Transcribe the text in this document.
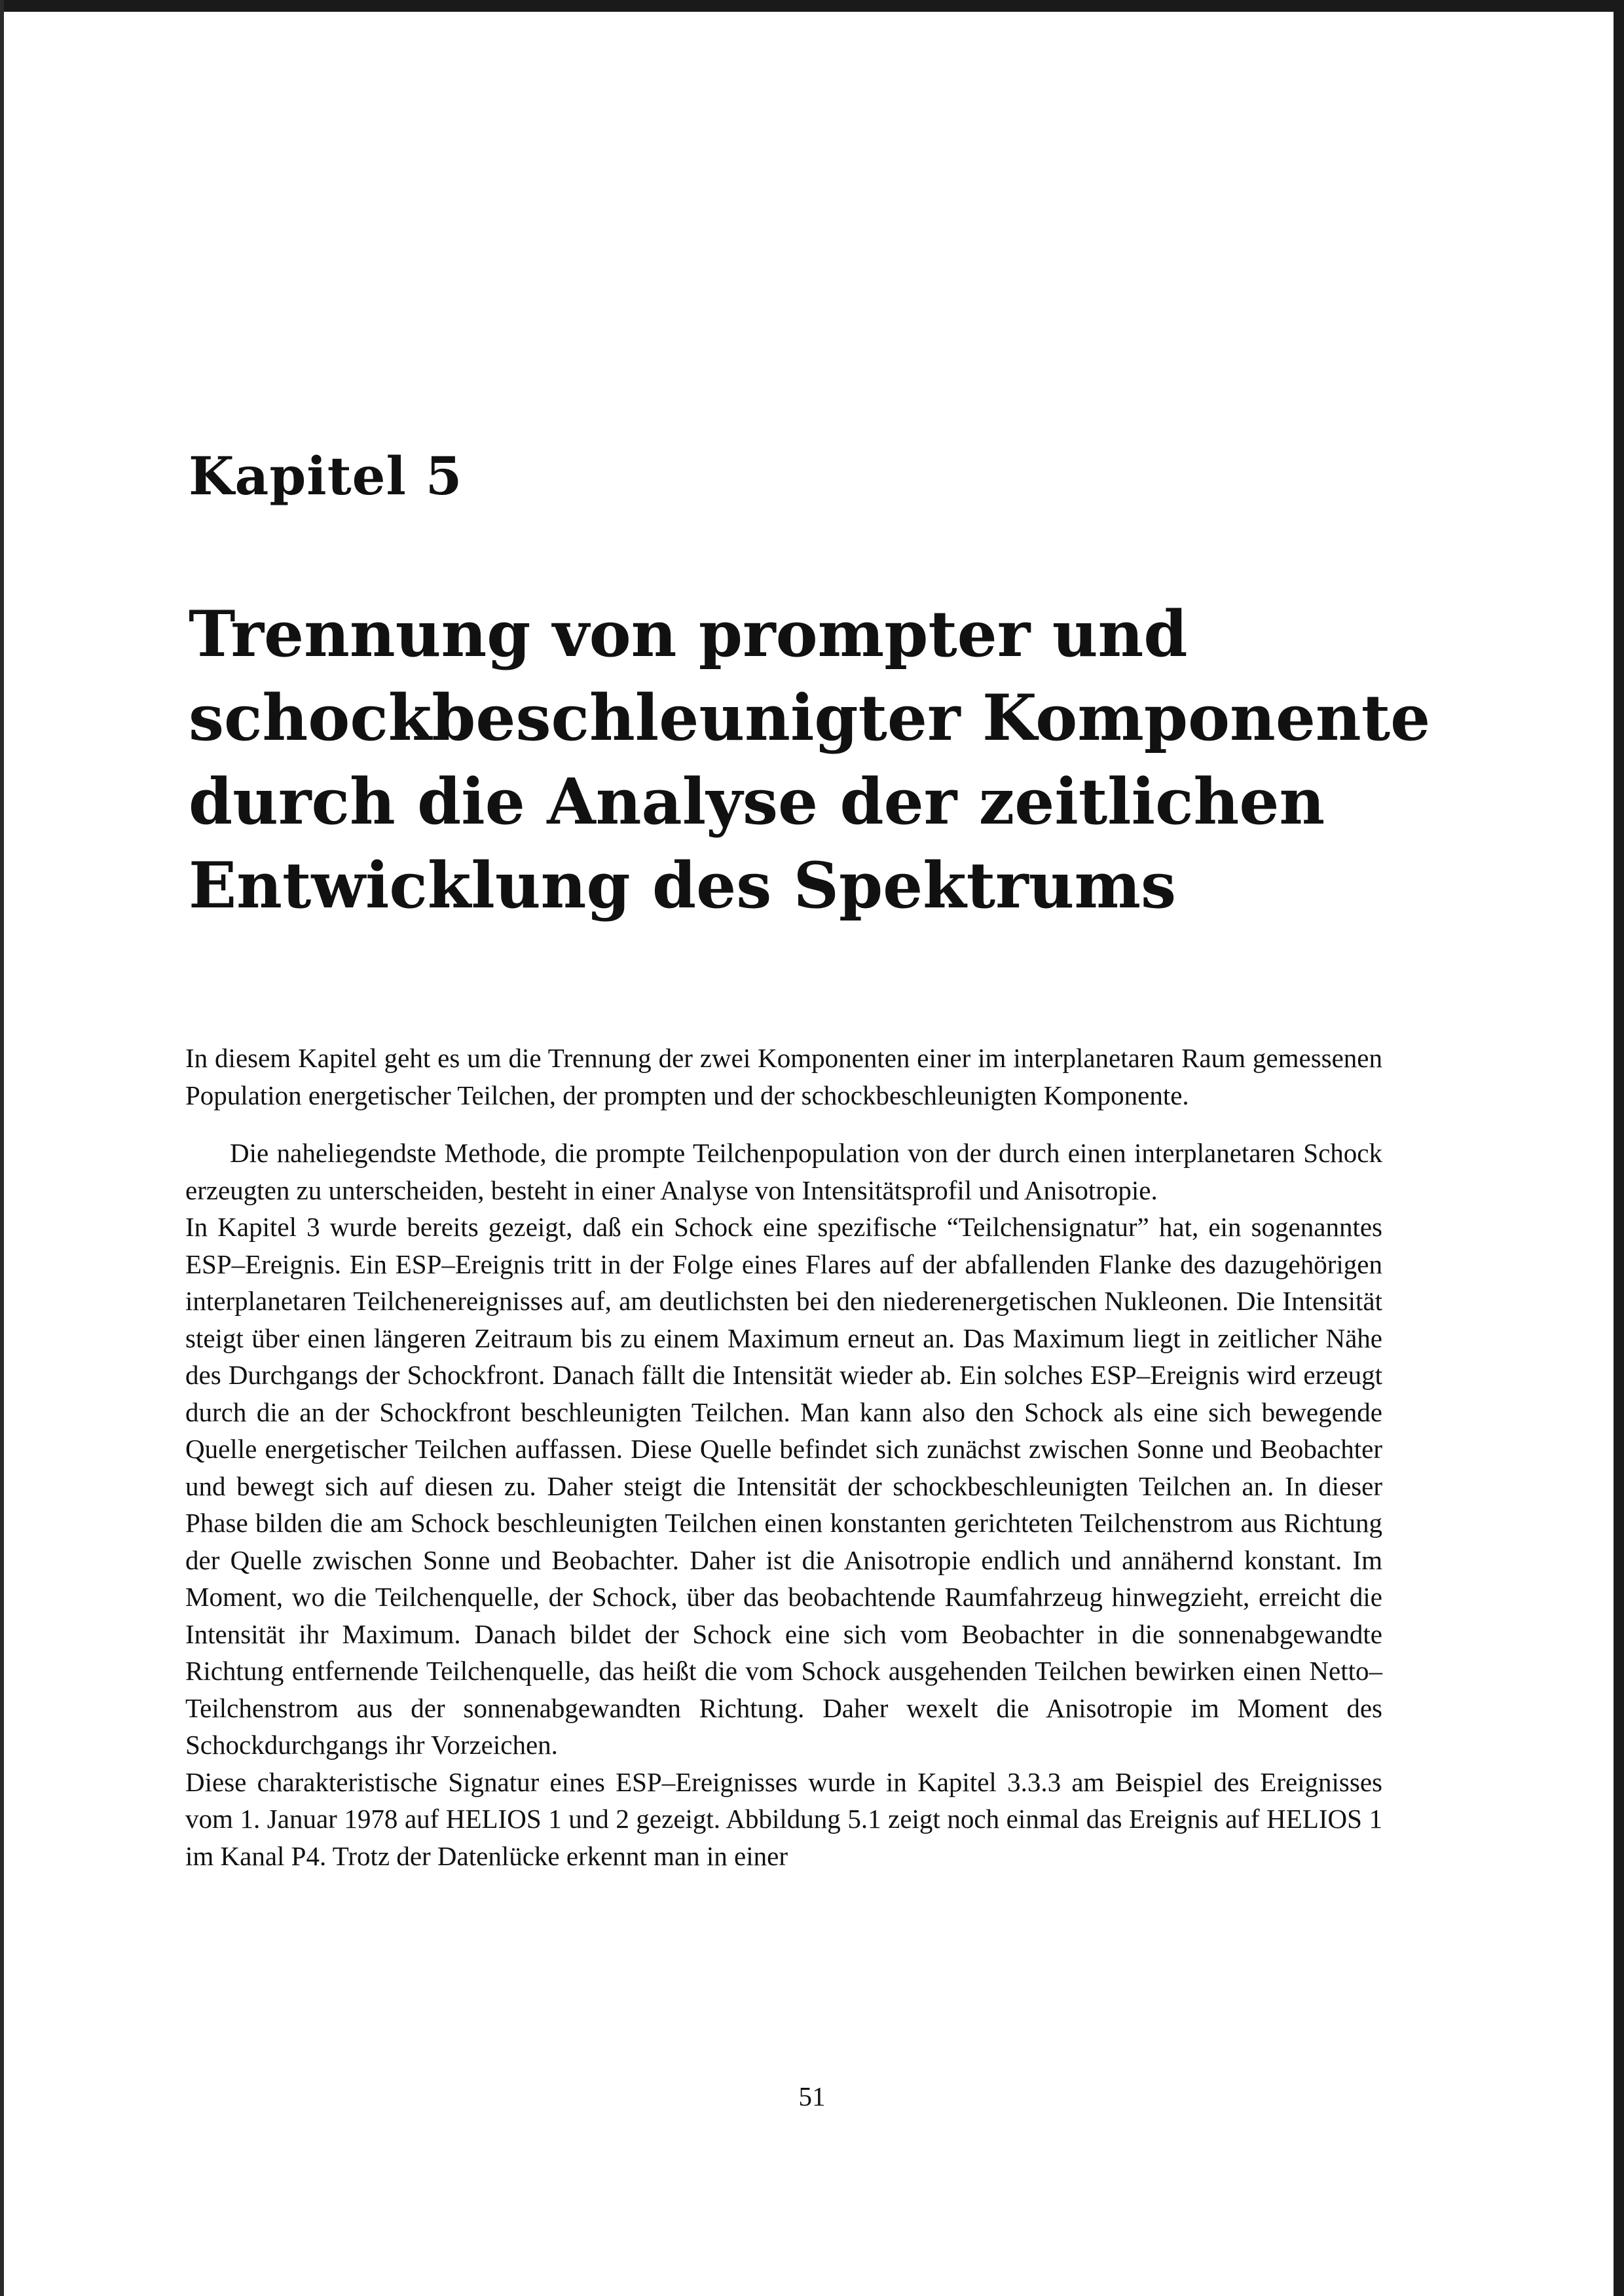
Kapitel 5
Trennung von prompter und schockbeschleunigter Komponente durch die Analyse der zeitlichen Entwicklung des Spektrums

In diesem Kapitel geht es um die Trennung der zwei Komponenten einer im interplanetaren Raum gemessenen Population energetischer Teilchen, der prompten und der schockbeschleunigten Komponente.

Die naheliegendste Methode, die prompte Teilchenpopulation von der durch einen interplanetaren Schock erzeugten zu unterscheiden, besteht in einer Analyse von Intensitätsprofil und Anisotropie.

In Kapitel 3 wurde bereits gezeigt, daß ein Schock eine spezifische “Teilchensignatur” hat, ein sogenanntes ESP–Ereignis. Ein ESP–Ereignis tritt in der Folge eines Flares auf der abfallenden Flanke des dazugehörigen interplanetaren Teilchenereignisses auf, am deutlichsten bei den niederenergetischen Nukleonen. Die Intensität steigt über einen längeren Zeitraum bis zu einem Maximum erneut an. Das Maximum liegt in zeitlicher Nähe des Durchgangs der Schockfront. Danach fällt die Intensität wieder ab. Ein solches ESP–Ereignis wird erzeugt durch die an der Schockfront beschleunigten Teilchen. Man kann also den Schock als eine sich bewegende Quelle energetischer Teilchen auffassen. Diese Quelle befindet sich zunächst zwischen Sonne und Beobachter und bewegt sich auf diesen zu. Daher steigt die Intensität der schockbeschleunigten Teilchen an. In dieser Phase bilden die am Schock beschleunigten Teilchen einen konstanten gerichteten Teilchenstrom aus Richtung der Quelle zwischen Sonne und Beobachter. Daher ist die Anisotropie endlich und annähernd konstant. Im Moment, wo die Teilchenquelle, der Schock, über das beobachtende Raumfahrzeug hinwegzieht, erreicht die Intensität ihr Maximum. Danach bildet der Schock eine sich vom Beobachter in die sonnenabgewandte Richtung entfernende Teilchenquelle, das heißt die vom Schock ausgehenden Teilchen bewirken einen Netto–Teilchenstrom aus der sonnenabgewandten Richtung. Daher wexelt die Anisotropie im Moment des Schockdurchgangs ihr Vorzeichen.

Diese charakteristische Signatur eines ESP–Ereignisses wurde in Kapitel 3.3.3 am Beispiel des Ereignisses vom 1. Januar 1978 auf HELIOS 1 und 2 gezeigt. Abbildung 5.1 zeigt noch einmal das Ereignis auf HELIOS 1 im Kanal P4. Trotz der Datenlücke erkennt man in einer

51
